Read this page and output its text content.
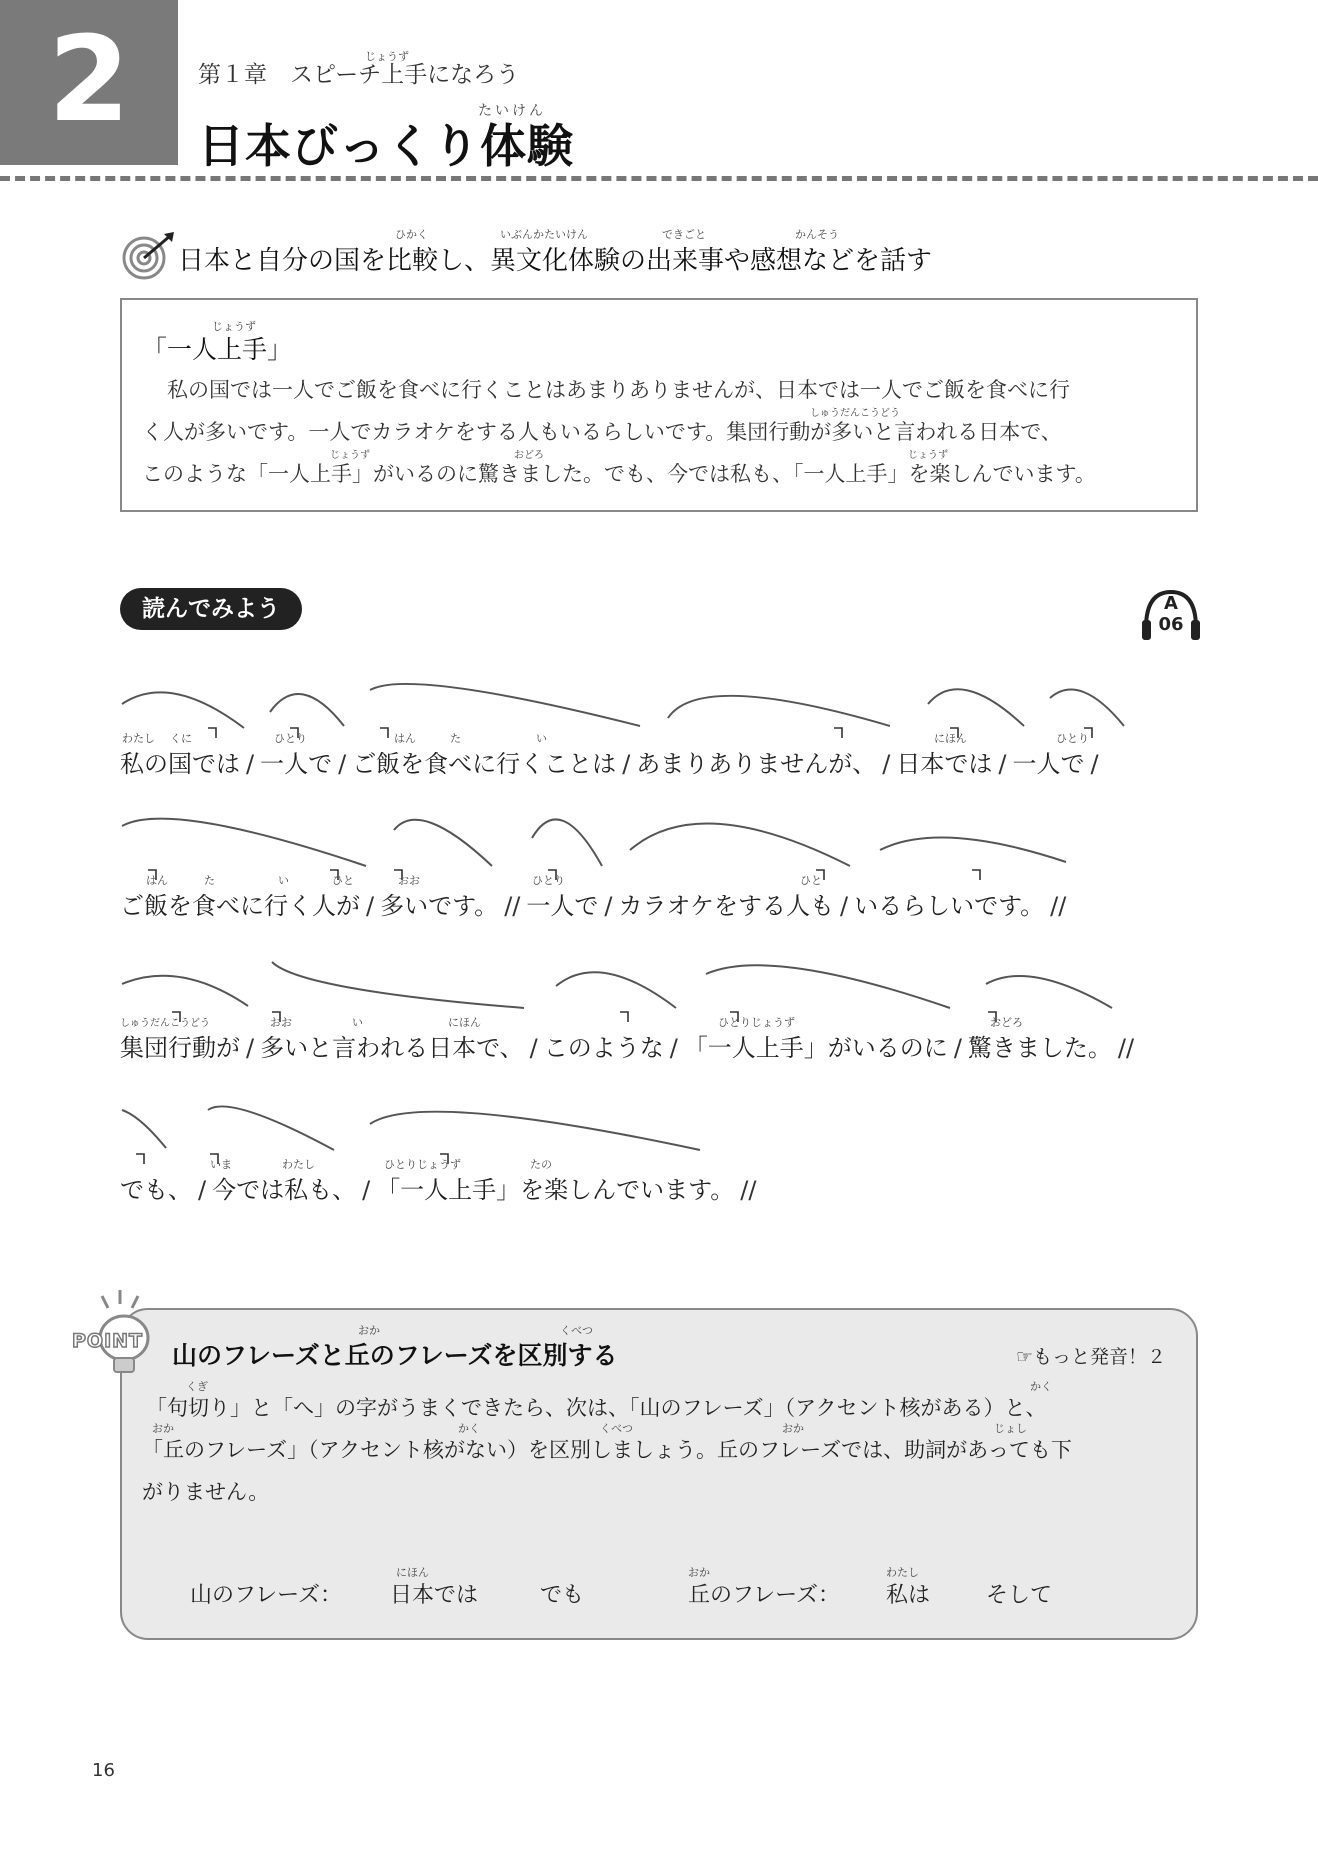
2	じょうず
第１章　スピーチ上手になろう
たいけん
日本びっくり体験
ひかく	いぶんかたいけん	できごと	かんそう
日本と自分の国を比較し、異文化体験の出来事や感想などを話す
じょうず
「一人上手」
　私の国では一人でご飯を食べに行くことはあまりありませんが、日本では一人でご飯を食べに行
しゅうだんこうどう
く人が多いです。一人でカラオケをする人もいるらしいです。集団行動が多いと言われる日本で、
じょうず	おどろ	じょうず
このような「一人上手」がいるのに驚きました。でも、今では私も、「一人上手」を楽しんでいます。
読んでみよう	A
06
わたし くに	ひとり	はん	た	い	にほん	ひとり
私の国では / 一人で / ご飯を食べに行くことは / あまりありませんが、 / 日本では / 一人で /
はん	た	い	ひと	おお	ひとり	ひと
ご飯を食べに行く人が / 多いです。 // 一人で / カラオケをする人も / いるらしいです。 //
しゅうだんこうどう	おお	い	にほん	ひとりじょうず	おどろ
集団行動が / 多いと言われる日本で、 / このような / 「一人上手」がいるのに / 驚きました。 //
いま	わたし	ひとりじょうず	たの
でも、 / 今では私も、 / 「一人上手」を楽しんでいます。 //
POINT	おか	くべつ
山のフレーズと丘のフレーズを区別する	☞もっと発音！２
くぎ	かく
「句切り」と「へ」の字がうまくできたら、次は、「山のフレーズ」（アクセント核がある）と、
おか	かく	くべつ	おか	じょし
「丘のフレーズ」（アクセント核がない）を区別しましょう。丘のフレーズでは、助詞があっても下
がりません。
山のフレーズ：
にほん
日本では	でも
おか
丘のフレーズ：
わたし
私は	そして
16
